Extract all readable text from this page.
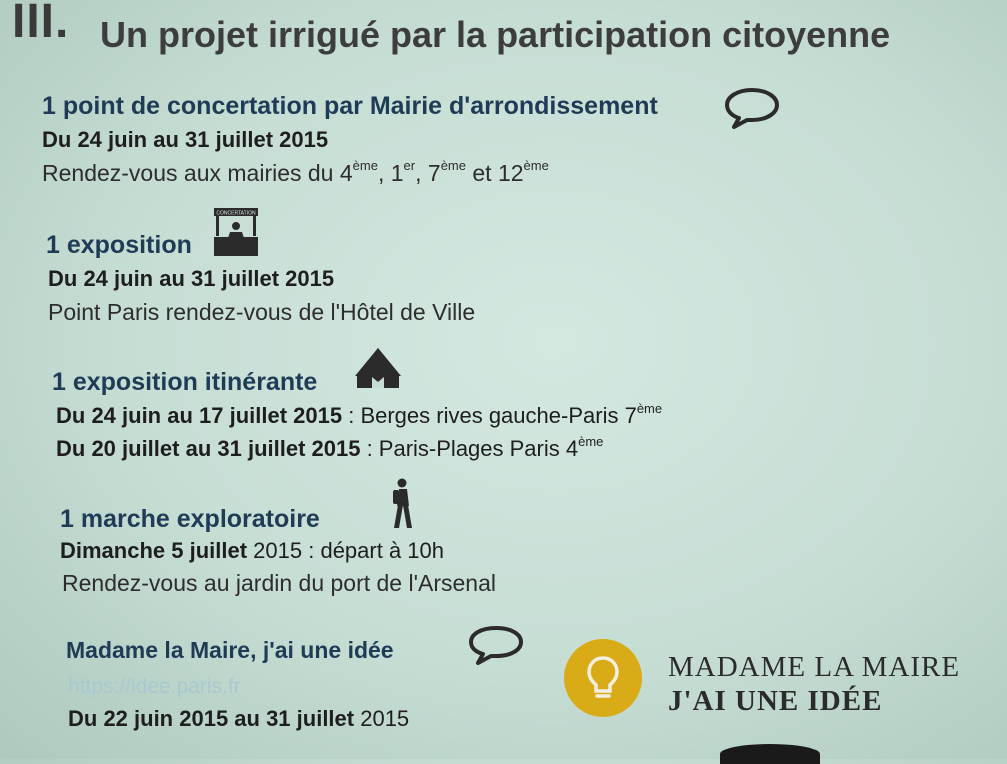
III. Un projet irrigué par la participation citoyenne
1 point de concertation par Mairie d'arrondissement
Du 24 juin au 31 juillet 2015
Rendez-vous aux mairies du 4ème, 1er, 7ème et 12ème
1 exposition
CONCERTATION
Du 24 juin au 31 juillet 2015
Point Paris rendez-vous de l'Hôtel de Ville
1 exposition itinérante
Du 24 juin au 17 juillet 2015 : Berges rives gauche-Paris 7ème
Du 20 juillet au 31 juillet 2015 : Paris-Plages Paris 4ème
1 marche exploratoire
Dimanche 5 juillet 2015 : départ à 10h
Rendez-vous au jardin du port de l'Arsenal
Madame la Maire, j'ai une idée
https://idee.paris.fr
Du 22 juin 2015 au 31 juillet 2015
MADAME LA MAIRE
J'AI UNE IDÉE
